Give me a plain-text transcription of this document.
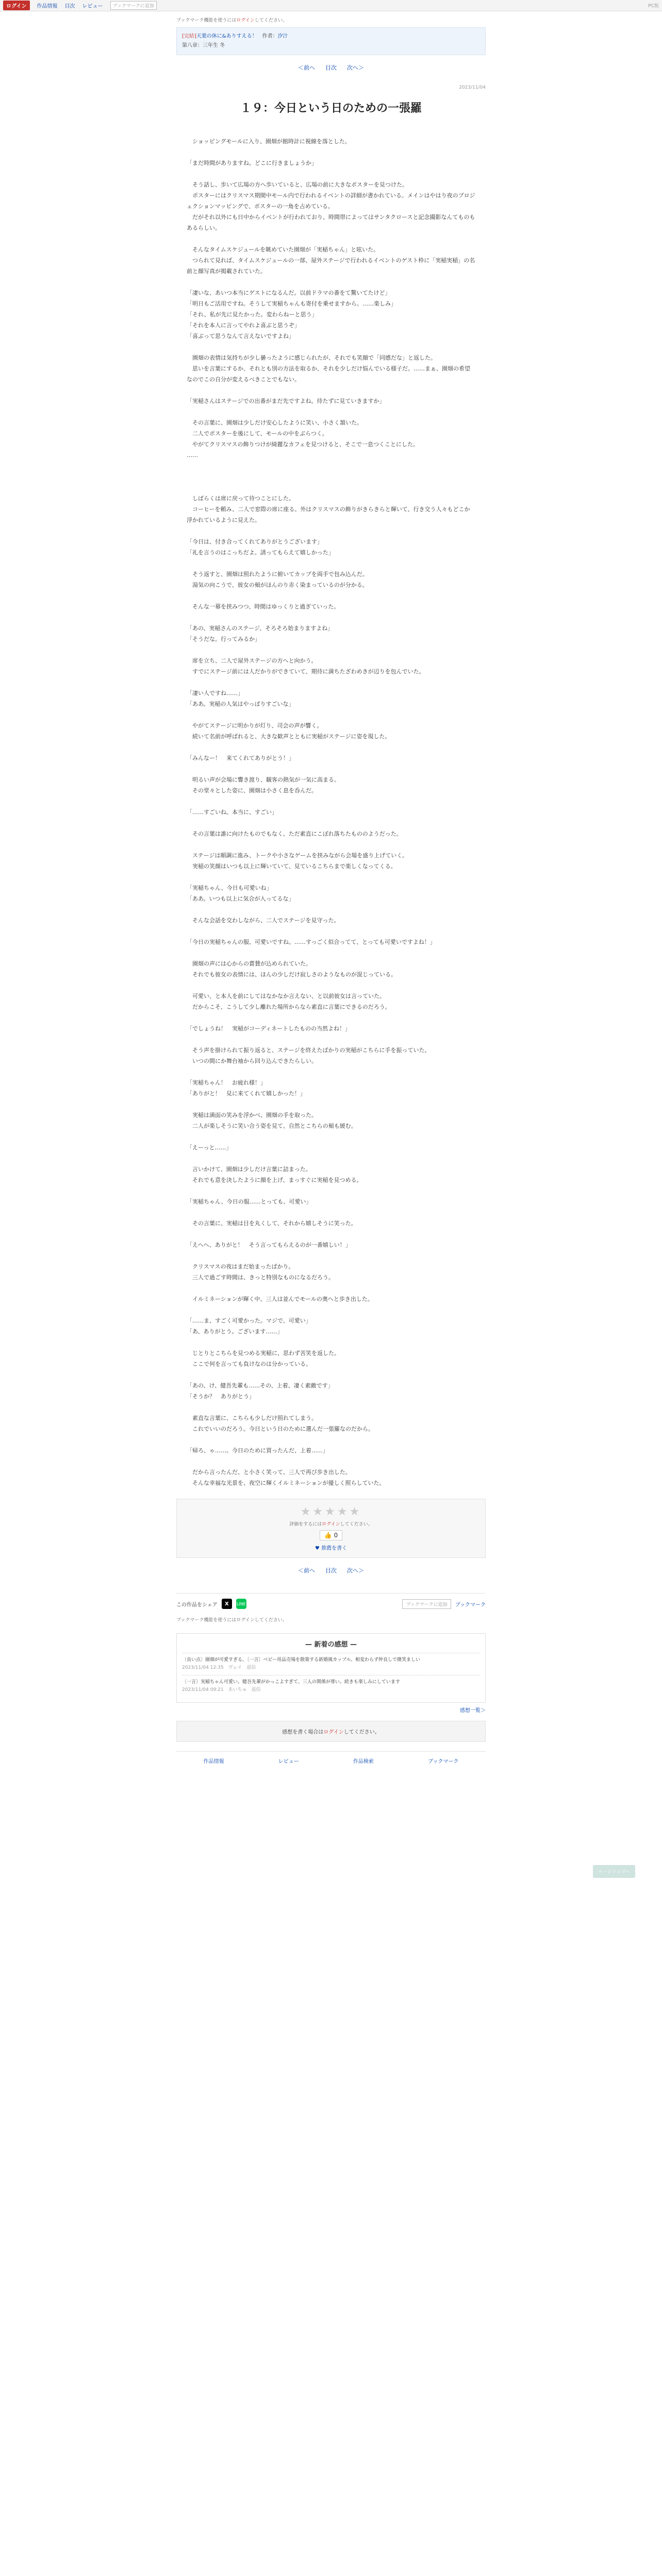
ログイン	作品情報 目次 レビュー	ブックマークに追加	PC版
ブックマーク機能を使うにはログインしてください。
[完結]天葉の休に&ありすえる！　 作者：汐汁
第八章：三年生 冬
＜前へ 目次 次へ＞
2023/11/04
１９：今日という日のための一張羅

　ショッピングモールに入り、園畑が館時計に視線を落とした。

「まだ時間がありますね。どこに行きましょうか」

　そう話し、歩いて広場の方へ歩いていると、広場の前に大きなポスターを見つけた。

　ポスターにはクリスマス期間中モール内で行われるイベントの詳細が書かれている。メインはやはり夜のプロジェクションマッピングで、ポスターの一角を占めている。

　だがそれ以外にも日中からイベントが行われており、時間帯によってはサンタクロースと記念撮影なんてものもあるらしい。

　そんなタイムスケジュールを眺めていた園畑が「実稲ちゃん」と呟いた。

　つられて見れば、タイムスケジュールの一部、屋外ステージで行われるイベントのゲスト枠に「実稲実稲」の名前と顔写真が掲載されていた。

「凄いな、あいつ本当にゲストになるんだ。以前ドラマの番をて驚いてたけど」

「明日もご活用ですね。そうして実稲ちゃんも寄付を乗せますから。……楽しみ」

「それ、私が先に見たかった。変わらねーと思う」

「それを本人に言ってやれよ喜ぶと思うぞ」

「喜ぶって思うなんて言えないですよね」

　園畑の表情は気持ちが少し曇ったように感じられたが、それでも笑顔で「同感だな」と返した。

　思いを言葉にするか、それとも別の方法を取るか、それを少しだけ悩んでいる様子だ。……まぁ、園畑の希望なのでこの自分が変えるべきことでもない。

「実稲さんはステージでの出番がまだ先ですよね。待たずに見ていきますか」

　その言葉に、園畑は少しだけ安心したように笑い、小さく頷いた。

　二人でポスターを後にして、モールの中をぶらつく。

　やがてクリスマスの飾りつけが綺麗なカフェを見つけると、そこで一息つくことにした。

……

　しばらくは席に戻って待つことにした。

　コーヒーを頼み、二人で窓際の席に座る。外はクリスマスの飾りがきらきらと輝いて、行き交う人々もどこか浮かれているように見えた。

「今日は、付き合ってくれてありがとうございます」

「礼を言うのはこっちだよ。誘ってもらえて嬉しかった」

　そう返すと、園畑は照れたように俯いてカップを両手で包み込んだ。

　湯気の向こうで、彼女の頬がほんのり赤く染まっているのが分かる。

　そんな一幕を挟みつつ、時間はゆっくりと過ぎていった。

「あの、実稲さんのステージ、そろそろ始まりますよね」

「そうだな。行ってみるか」

　席を立ち、二人で屋外ステージの方へと向かう。

　すでにステージ前には人だかりができていて、期待に満ちたざわめきが辺りを包んでいた。

「凄い人ですね……」

「ああ。実稲の人気はやっぱりすごいな」

　やがてステージに明かりが灯り、司会の声が響く。

　続いて名前が呼ばれると、大きな歓声とともに実稲がステージに姿を現した。

「みんなー！　来てくれてありがとう！」

　明るい声が会場に響き渡り、観客の熱気が一気に高まる。

　その堂々とした姿に、園畑は小さく息を呑んだ。

「……すごいね。本当に、すごい」

　その言葉は誰に向けたものでもなく、ただ素直にこぼれ落ちたもののようだった。

　ステージは順調に進み、トークや小さなゲームを挟みながら会場を盛り上げていく。

　実稲の笑顔はいつも以上に輝いていて、見ているこちらまで楽しくなってくる。

「実稲ちゃん、今日も可愛いね」

「ああ。いつも以上に気合が入ってるな」

　そんな会話を交わしながら、二人でステージを見守った。

「今日の実稲ちゃんの服、可愛いですね。……すっごく似合ってて、とっても可愛いですよね！」

　園畑の声には心からの賞賛が込められていた。

　それでも彼女の表情には、ほんの少しだけ寂しさのようなものが混じっている。

　可愛い、と本人を前にしてはなかなか言えない、と以前彼女は言っていた。

　だからこそ、こうして少し離れた場所からなら素直に言葉にできるのだろう。

「でしょうね！　実稲がコーディネートしたものの当然よね！」

　そう声を掛けられて振り返ると、ステージを終えたばかりの実稲がこちらに手を振っていた。

　いつの間にか舞台袖から回り込んできたらしい。

「実稲ちゃん！　お疲れ様！」

「ありがと！　見に来てくれて嬉しかった！」

　実稲は満面の笑みを浮かべ、園畑の手を取った。

　二人が楽しそうに笑い合う姿を見て、自然とこちらの頬も緩む。

「えーっと……」

　言いかけて、園畑は少しだけ言葉に詰まった。

　それでも意を決したように顔を上げ、まっすぐに実稲を見つめる。

「実稲ちゃん、今日の服……とっても、可愛い」

　その言葉に、実稲は目を丸くして、それから嬉しそうに笑った。

「えへへ、ありがと！　そう言ってもらえるのが一番嬉しい！」

　クリスマスの夜はまだ始まったばかり。

　三人で過ごす時間は、きっと特別なものになるだろう。

　イルミネーションが輝く中、三人は並んでモールの奥へと歩き出した。

「……ま、すごく可愛かった。マジで、可愛い」

「あ、ありがとう。ございます……」

　じとりとこちらを見つめる実稲に、思わず苦笑を返した。

　ここで何を言っても負けなのは分かっている。

「あの、け、健吾先輩も……その、上着、凄く素敵です」

「そうか？　ありがとう」

　素直な言葉に、こちらも少しだけ照れてしまう。

　これでいいのだろう。今日という日のために選んだ一張羅なのだから。

「帰ろ、ゃ……。今日のために買ったんだ、上着……」

　だから言ったんだ、と小さく笑って、三人で再び歩き出した。

　そんな幸福な光景を、夜空に輝くイルミネーションが優しく照らしていた。

★★★★★
評価をするにはログインしてください。
👍 0
♥ 推薦を書く
＜前へ 目次 次へ＞
この作品をシェア	X	LINE	ブックマークに追加	ブックマーク
ブックマーク機能を使うにはログインしてください。
— 新着の感想 —
〔良い点〕園畑が可愛すぎる。〔一言〕ベビー用品売場を散策する新婚風カップル。相変わらず仲良しで微笑ましい
2023/11/04 12:35　ヴェイ　返信
〔一言〕実稲ちゃん可愛い。健吾先輩がかっこよすぎて、三人の関係が尊い。続きも楽しみにしています
2023/11/04 09:21　あいちゅ　返信
感想一覧＞
感想を書く場合はログインしてください。
作品情報	レビュー	作品検索	ブックマーク
ページトップへ
